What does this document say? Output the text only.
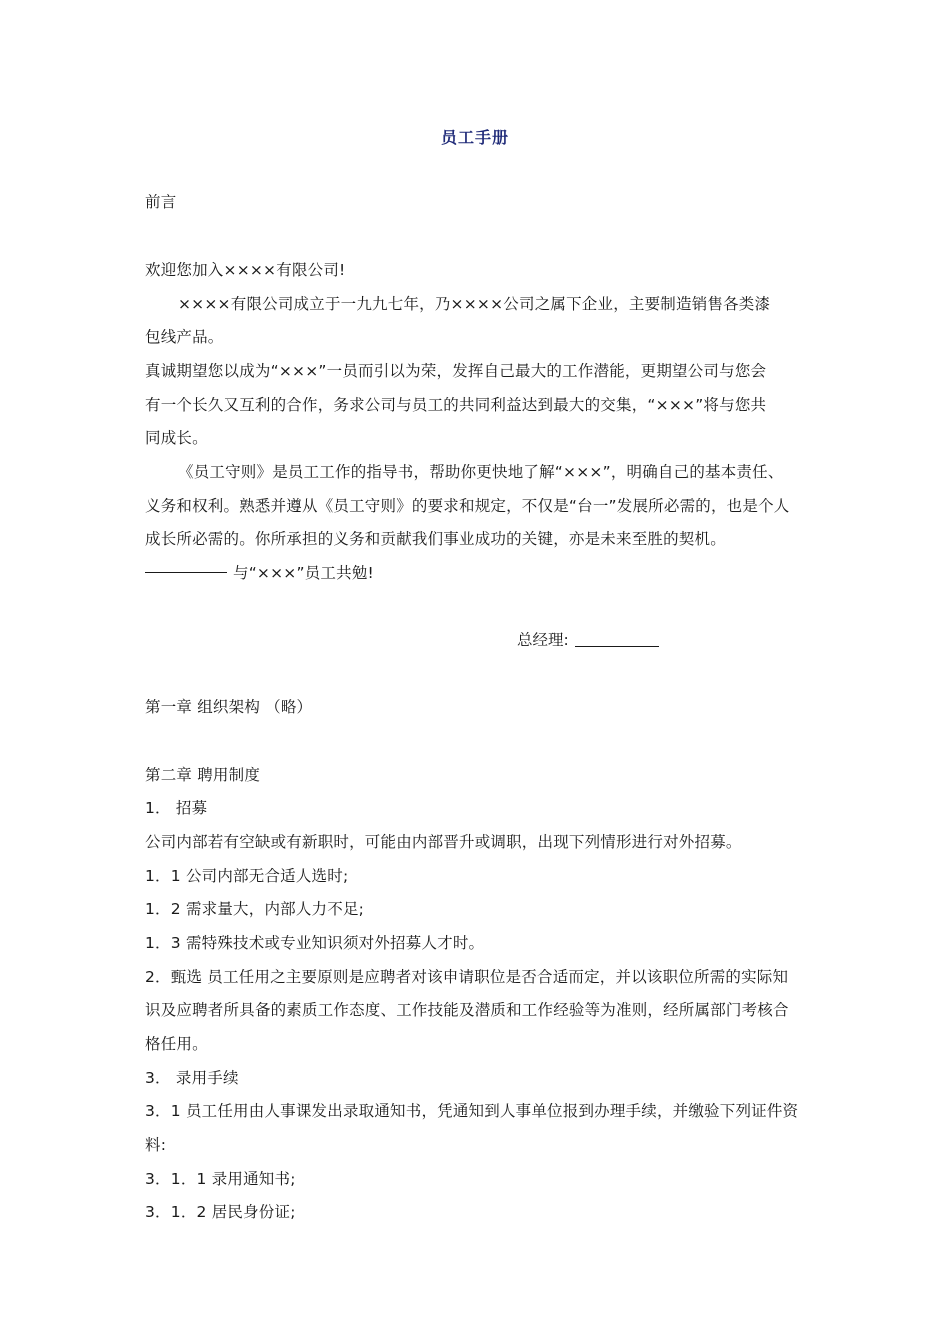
员工手册
前言
欢迎您加入××××有限公司!
××××有限公司成立于一九九七年，乃××××公司之属下企业，主要制造销售各类漆
包线产品。
真诚期望您以成为“×××”一员而引以为荣，发挥自己最大的工作潜能，更期望公司与您会
有一个长久又互利的合作，务求公司与员工的共同利益达到最大的交集，“×××”将与您共
同成长。
《员工守则》是员工工作的指导书，帮助你更快地了解“×××”，明确自己的基本责任、
义务和权利。熟悉并遵从《员工守则》的要求和规定，不仅是“台一”发展所必需的，也是个人
成长所必需的。你所承担的义务和贡献我们事业成功的关键，亦是未来至胜的契机。
与“×××”员工共勉!
总经理:
第一章 组织架构 （略）
第二章 聘用制度
1． 招募
公司内部若有空缺或有新职时，可能由内部晋升或调职，出现下列情形进行对外招募。
1．1 公司内部无合适人选时;
1．2 需求量大，内部人力不足;
1．3 需特殊技术或专业知识须对外招募人才时。
2．甄选 员工任用之主要原则是应聘者对该申请职位是否合适而定，并以该职位所需的实际知
识及应聘者所具备的素质工作态度、工作技能及潜质和工作经验等为准则，经所属部门考核合
格任用。
3． 录用手续
3．1 员工任用由人事课发出录取通知书，凭通知到人事单位报到办理手续，并缴验下列证件资
料:
3．1．1 录用通知书;
3．1．2 居民身份证;
